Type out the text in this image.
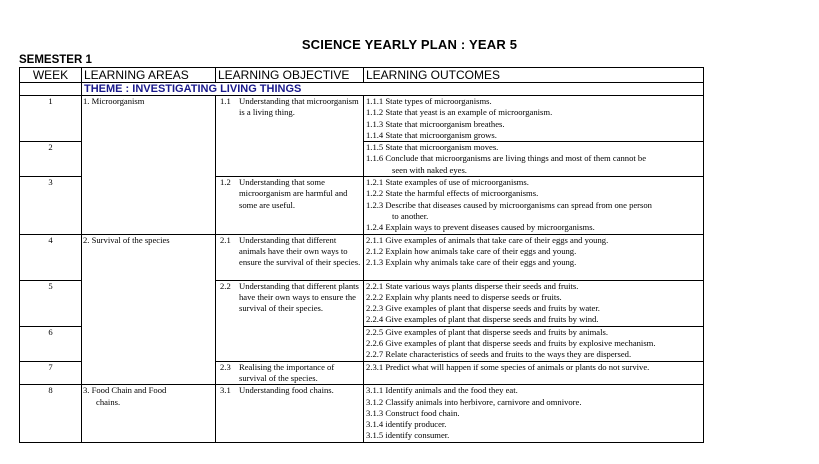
SCIENCE YEARLY PLAN : YEAR 5
SEMESTER 1
WEEK	LEARNING AREAS	LEARNING OBJECTIVE	LEARNING OUTCOMES
	THEME : INVESTIGATING LIVING THINGS		
1	1. Microorganism	1.1 Understanding that microorganism is a living thing.	1.1.1 State types of microorganisms.
1.1.2 State that yeast is an example of microorganism.
1.1.3 State that microorganism breathes.
1.1.4 State that microorganism grows.

2			1.1.5 State that microorganism moves.
1.1.6 Conclude that microorganisms are living things and most of them cannot be
seen with naked eyes.

3		1.2 Understanding that some microorganism are harmful and some are useful.	1.2.1 State examples of use of microorganisms.
1.2.2 State the harmful effects of microorganisms.
1.2.3 Describe that diseases caused by microorganisms can spread from one person
to another.
1.2.4 Explain ways to prevent diseases caused by microorganisms.

4	2. Survival of the species	2.1 Understanding that different animals have their own ways to ensure the survival of their species.	2.1.1 Give examples of animals that take care of their eggs and young.
2.1.2 Explain how animals take care of their eggs and young.
2.1.3 Explain why animals take care of their eggs and young.

5		2.2 Understanding that different plants have their own ways to ensure the survival of their species.	2.2.1 State various ways plants disperse their seeds and fruits.
2.2.2 Explain why plants need to disperse seeds or fruits.
2.2.3 Give examples of plant that disperse seeds and fruits by water.
2.2.4 Give examples of plant that disperse seeds and fruits by wind.

6			2.2.5 Give examples of plant that disperse seeds and fruits by animals.
2.2.6 Give examples of plant that disperse seeds and fruits by explosive mechanism.
2.2.7 Relate characteristics of seeds and fruits to the ways they are dispersed.

7		2.3 Realising the importance of survival of the species.	2.3.1 Predict what will happen if some species of animals or plants do not survive.

8	3. Food Chain and Food
chains.	3.1 Understanding food chains.	3.1.1 Identify animals and the food they eat.
3.1.2 Classify animals into herbivore, carnivore and omnivore.
3.1.3 Construct food chain.
3.1.4 identify producer.
3.1.5 identify consumer.
